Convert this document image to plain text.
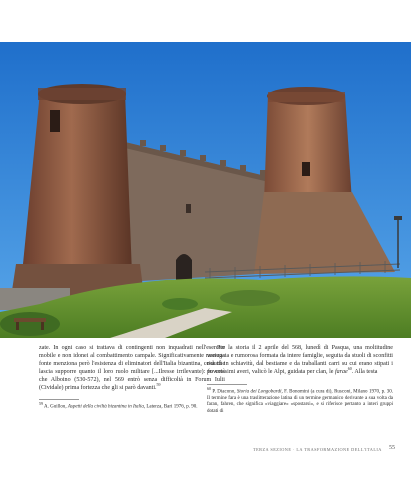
zate. In ogni caso si trattava di contingenti non inquadrati nell'esercito mobile e non idonei al combattimento campale. Significativamente nessuna fonte menziona però l'esistenza di eliminatori dell'Italia bizantina, cosa che lascia supporre quanto il loro ruolo militare [...Ilresse irrilevante): fu così che Alboino (530-572), nel 569 entrò senza difficoltà in Forum Iulii (Cividale) prima fortezza che gli si parò davanti.$^{59}$

$^{59}$ A. Guillou, Aspetti della civiltà bizantina in Italia, Laterza, Bari 1976, p. 90.

Per la storia il 2 aprile del 568, lunedì di Pasqua, una moltitudine variegata e rumorosa formata da intere famiglie, seguita da stuoli di sconfitti riduttì in schiavitù, dal bestiame e da traballanti carri su cui erano stipati i poverissimi averi, valicò le Alpi, guidata per clan, le farae$^{60}$. Alla testa

$^{60}$ P. Diacono, Storia dei Longobardi, F. Bonomini (a cura di), Rusconi, Milano 1970, p. 30. Il termine fara è una traslitterazione latina di un termine germanico derivante a sua volta da faran, fahren, che significa «viaggiare» «spostarsi», e si riferisce pertanto a interi gruppi dotati di

TERZA SEZIONE · LA TRASFORMAZIONE DELL'ITALIA	55
